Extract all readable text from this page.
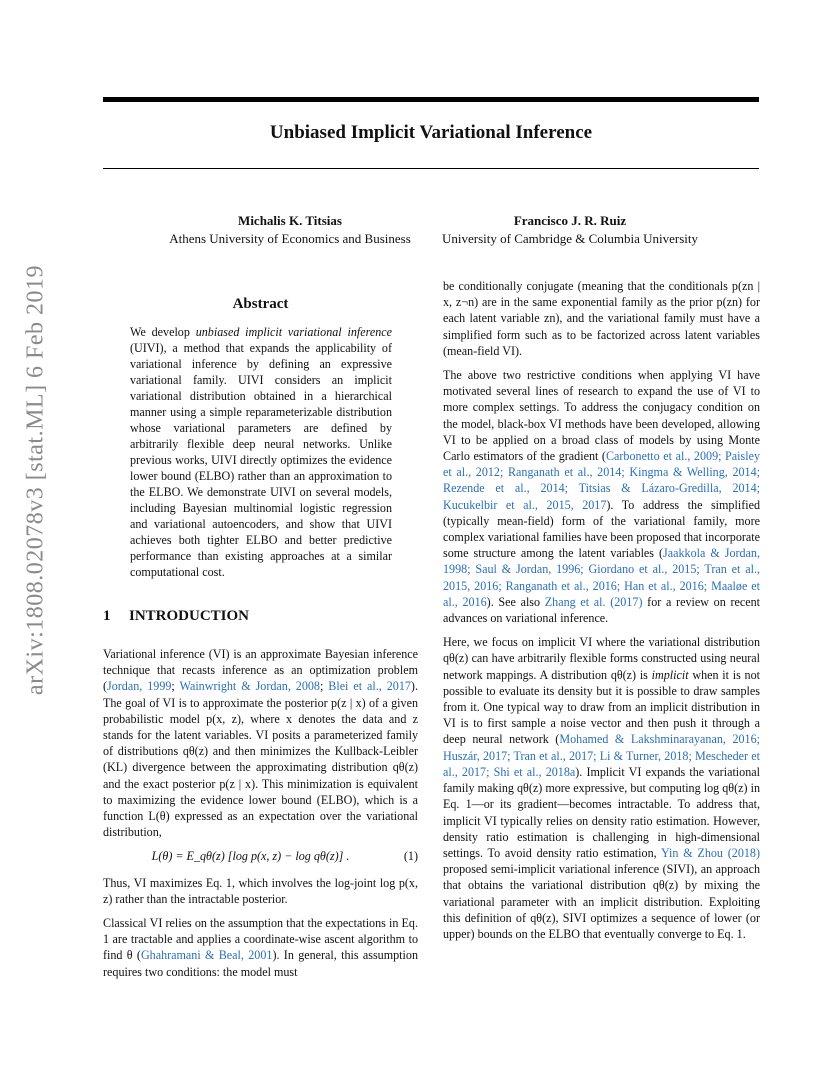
arXiv:1808.02078v3 [stat.ML] 6 Feb 2019
Unbiased Implicit Variational Inference
Michalis K. Titsias
Athens University of Economics and Business
Francisco J. R. Ruiz
University of Cambridge & Columbia University
Abstract
We develop unbiased implicit variational inference (UIVI), a method that expands the applicability of variational inference by defining an expressive variational family. UIVI considers an implicit variational distribution obtained in a hierarchical manner using a simple reparameterizable distribution whose variational parameters are defined by arbitrarily flexible deep neural networks. Unlike previous works, UIVI directly optimizes the evidence lower bound (ELBO) rather than an approximation to the ELBO. We demonstrate UIVI on several models, including Bayesian multinomial logistic regression and variational autoencoders, and show that UIVI achieves both tighter ELBO and better predictive performance than existing approaches at a similar computational cost.
1 INTRODUCTION

Variational inference (VI) is an approximate Bayesian inference technique that recasts inference as an optimization problem (Jordan, 1999; Wainwright & Jordan, 2008; Blei et al., 2017). The goal of VI is to approximate the posterior p(z | x) of a given probabilistic model p(x, z), where x denotes the data and z stands for the latent variables. VI posits a parameterized family of distributions qθ(z) and then minimizes the Kullback-Leibler (KL) divergence between the approximating distribution qθ(z) and the exact posterior p(z | x). This minimization is equivalent to maximizing the evidence lower bound (ELBO), which is a function L(θ) expressed as an expectation over the variational distribution,

L(θ) = E_qθ(z) [log p(x, z) − log qθ(z)] .	(1)

Thus, VI maximizes Eq. 1, which involves the log-joint log p(x, z) rather than the intractable posterior.

Classical VI relies on the assumption that the expectations in Eq. 1 are tractable and applies a coordinate-wise ascent algorithm to find θ (Ghahramani & Beal, 2001). In general, this assumption requires two conditions: the model must

be conditionally conjugate (meaning that the conditionals p(zn | x, z¬n) are in the same exponential family as the prior p(zn) for each latent variable zn), and the variational family must have a simplified form such as to be factorized across latent variables (mean-field VI).

The above two restrictive conditions when applying VI have motivated several lines of research to expand the use of VI to more complex settings. To address the conjugacy condition on the model, black-box VI methods have been developed, allowing VI to be applied on a broad class of models by using Monte Carlo estimators of the gradient (Carbonetto et al., 2009; Paisley et al., 2012; Ranganath et al., 2014; Kingma & Welling, 2014; Rezende et al., 2014; Titsias & Lázaro-Gredilla, 2014; Kucukelbir et al., 2015, 2017). To address the simplified (typically mean-field) form of the variational family, more complex variational families have been proposed that incorporate some structure among the latent variables (Jaakkola & Jordan, 1998; Saul & Jordan, 1996; Giordano et al., 2015; Tran et al., 2015, 2016; Ranganath et al., 2016; Han et al., 2016; Maaløe et al., 2016). See also Zhang et al. (2017) for a review on recent advances on variational inference.

Here, we focus on implicit VI where the variational distribution qθ(z) can have arbitrarily flexible forms constructed using neural network mappings. A distribution qθ(z) is implicit when it is not possible to evaluate its density but it is possible to draw samples from it. One typical way to draw from an implicit distribution in VI is to first sample a noise vector and then push it through a deep neural network (Mohamed & Lakshminarayanan, 2016; Huszár, 2017; Tran et al., 2017; Li & Turner, 2018; Mescheder et al., 2017; Shi et al., 2018a). Implicit VI expands the variational family making qθ(z) more expressive, but computing log qθ(z) in Eq. 1—or its gradient—becomes intractable. To address that, implicit VI typically relies on density ratio estimation. However, density ratio estimation is challenging in high-dimensional settings. To avoid density ratio estimation, Yin & Zhou (2018) proposed semi-implicit variational inference (SIVI), an approach that obtains the variational distribution qθ(z) by mixing the variational parameter with an implicit distribution. Exploiting this definition of qθ(z), SIVI optimizes a sequence of lower (or upper) bounds on the ELBO that eventually converge to Eq. 1.
